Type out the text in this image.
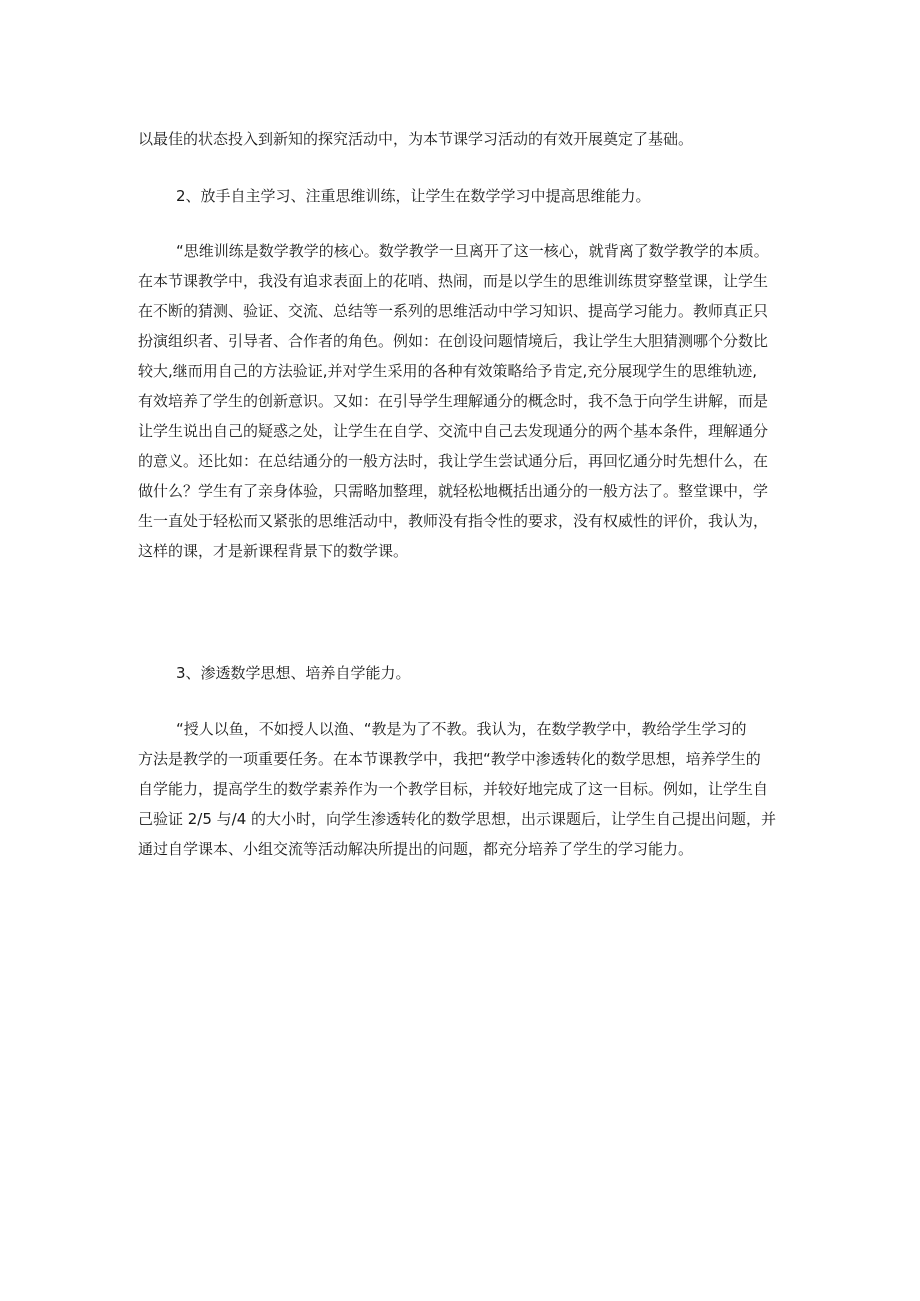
以最佳的状态投入到新知的探究活动中，为本节课学习活动的有效开展奠定了基础。

2、放手自主学习、注重思维训练，让学生在数学学习中提高思维能力。

“思维训练是数学教学的核心。数学教学一旦离开了这一核心，就背离了数学教学的本质。
在本节课教学中，我没有追求表面上的花哨、热闹，而是以学生的思维训练贯穿整堂课，让学生
在不断的猜测、验证、交流、总结等一系列的思维活动中学习知识、提高学习能力。教师真正只
扮演组织者、引导者、合作者的角色。例如：在创设问题情境后，我让学生大胆猜测哪个分数比
较大,继而用自己的方法验证,并对学生采用的各种有效策略给予肯定,充分展现学生的思维轨迹,
有效培养了学生的创新意识。又如：在引导学生理解通分的概念时，我不急于向学生讲解，而是
让学生说出自己的疑惑之处，让学生在自学、交流中自己去发现通分的两个基本条件，理解通分
的意义。还比如：在总结通分的一般方法时，我让学生尝试通分后，再回忆通分时先想什么，在
做什么？学生有了亲身体验，只需略加整理，就轻松地概括出通分的一般方法了。整堂课中，学
生一直处于轻松而又紧张的思维活动中，教师没有指令性的要求，没有权威性的评价，我认为，
这样的课，才是新课程背景下的数学课。

3、渗透数学思想、培养自学能力。

“授人以鱼，不如授人以渔、“教是为了不教。我认为，在数学教学中，教给学生学习的
方法是教学的一项重要任务。在本节课教学中，我把“教学中渗透转化的数学思想，培养学生的
自学能力，提高学生的数学素养作为一个教学目标，并较好地完成了这一目标。例如，让学生自
己验证 2/5 与/4 的大小时，向学生渗透转化的数学思想，出示课题后，让学生自己提出问题，并
通过自学课本、小组交流等活动解决所提出的问题，都充分培养了学生的学习能力。
